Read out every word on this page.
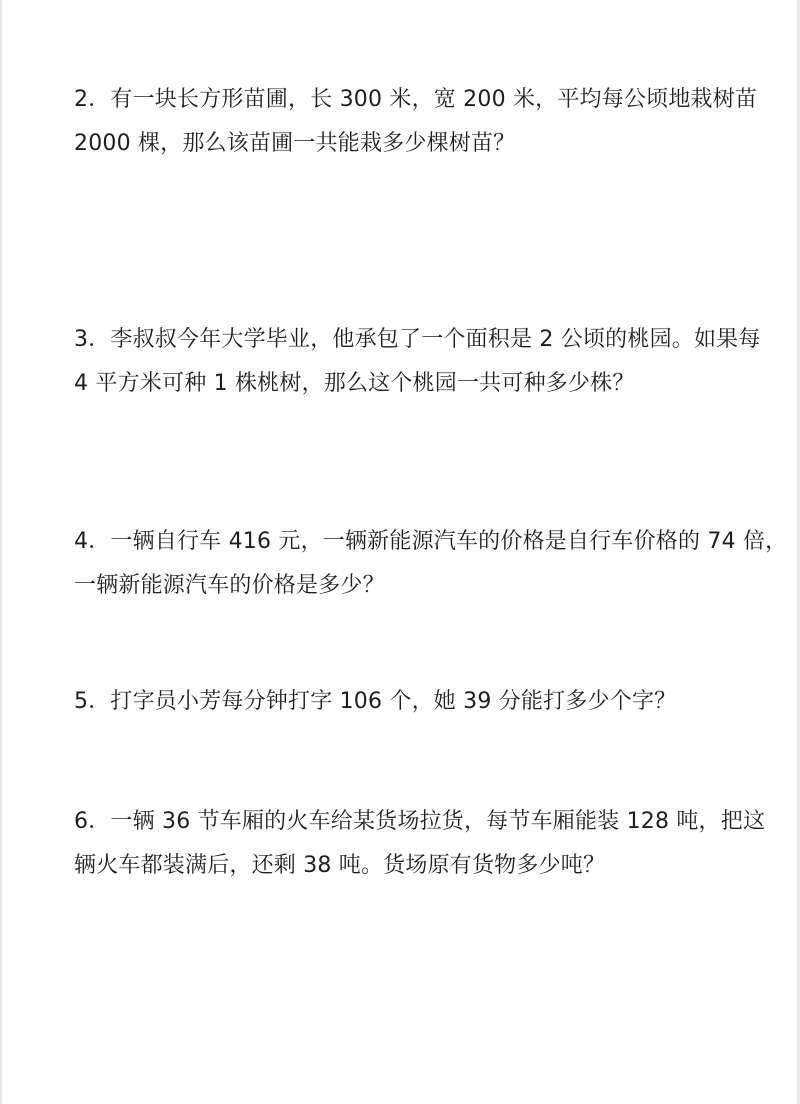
2．有一块长方形苗圃，长 300 米，宽 200 米，平均每公顷地栽树苗
2000 棵，那么该苗圃一共能栽多少棵树苗？
3．李叔叔今年大学毕业，他承包了一个面积是 2 公顷的桃园。如果每
4 平方米可种 1 株桃树，那么这个桃园一共可种多少株？
4．一辆自行车 416 元，一辆新能源汽车的价格是自行车价格的 74 倍，
一辆新能源汽车的价格是多少？
5．打字员小芳每分钟打字 106 个，她 39 分能打多少个字？
6．一辆 36 节车厢的火车给某货场拉货，每节车厢能装 128 吨，把这
辆火车都装满后，还剩 38 吨。货场原有货物多少吨？
